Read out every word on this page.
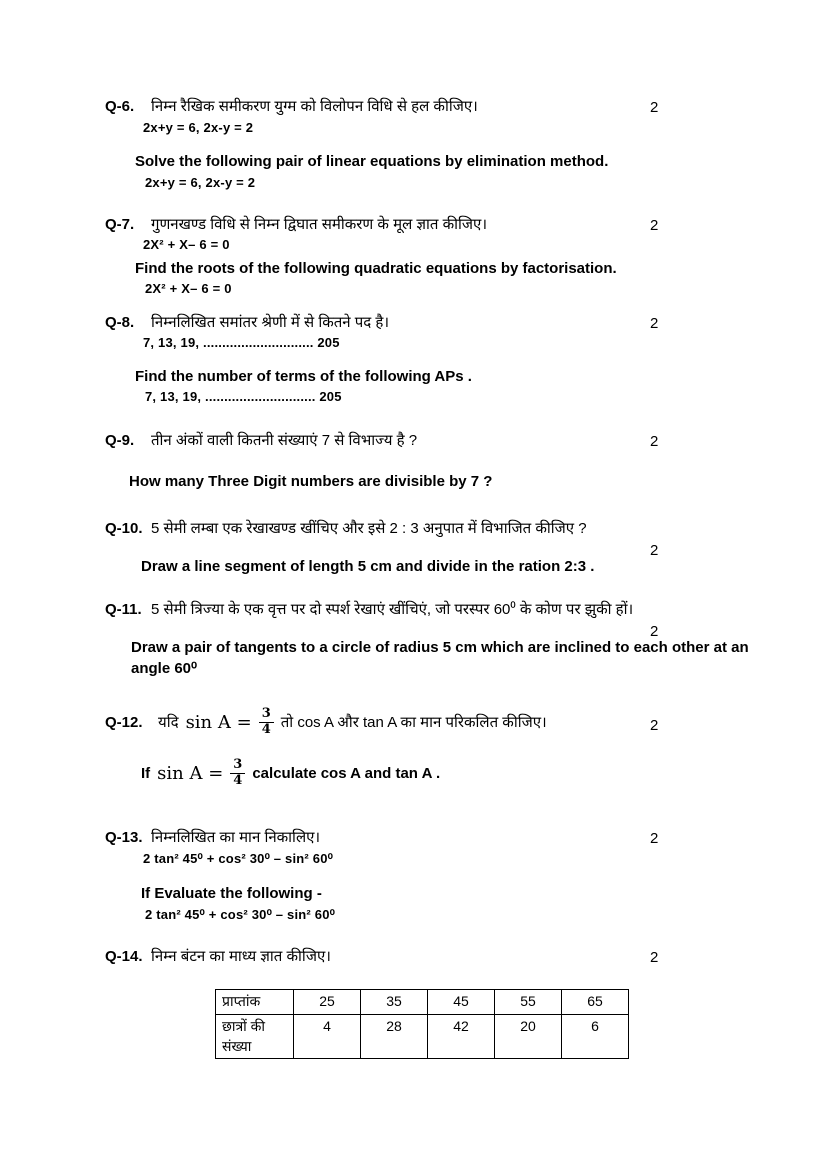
Q-6.	निम्न रैखिक समीकरण युग्म को विलोपन विधि से हल कीजिए।
2x+y = 6, 2x-y = 2
Solve the following pair of linear equations by elimination method.
2x+y = 6, 2x-y = 2
2
Q-7.	गुणनखण्ड विधि से निम्न द्विघात समीकरण के मूल ज्ञात कीजिए।
2X² + X– 6 = 0
Find the roots of the following quadratic equations by factorisation.
2X² + X– 6 = 0
2
Q-8.	निम्नलिखित समांतर श्रेणी में से कितने पद है।
7, 13, 19, ............................. 205
Find the number of terms of the following APs .
7, 13, 19, ............................. 205
2
Q-9.	तीन अंकों वाली कितनी संख्याएं 7 से विभाज्य है ?
How many Three Digit numbers are divisible by 7 ?
2
Q-10. 5 सेमी लम्बा एक रेखाखण्ड खींचिए और इसे 2 : 3 अनुपात में विभाजित कीजिए ?
Draw a line segment of length 5 cm and divide in the ration 2:3 .
2
Q-11. 5 सेमी त्रिज्या के एक वृत्त पर दो स्पर्श रेखाएं खींचिएं, जो परस्पर 60⁰ के कोण पर झुकी हों।
Draw a pair of tangents to a circle of radius 5 cm which are inclined to each other at an angle 60⁰
2
Q-12.	यदि $\sin A = \frac{3}{4}$ तो cos A और tan A का मान परिकलित कीजिए।
If $\sin A = \frac{3}{4}$ calculate cos A and tan A .
2
Q-13. निम्नलिखित का मान निकालिए।
2 tan² 45⁰ + cos² 30⁰ – sin² 60⁰
If Evaluate the following -
2 tan² 45⁰ + cos² 30⁰ – sin² 60⁰
2
Q-14. निम्न बंटन का माध्य ज्ञात कीजिए।	2
प्राप्तांक	25	35	45	55	65
छात्रों की संख्या	4	28	42	20	6
